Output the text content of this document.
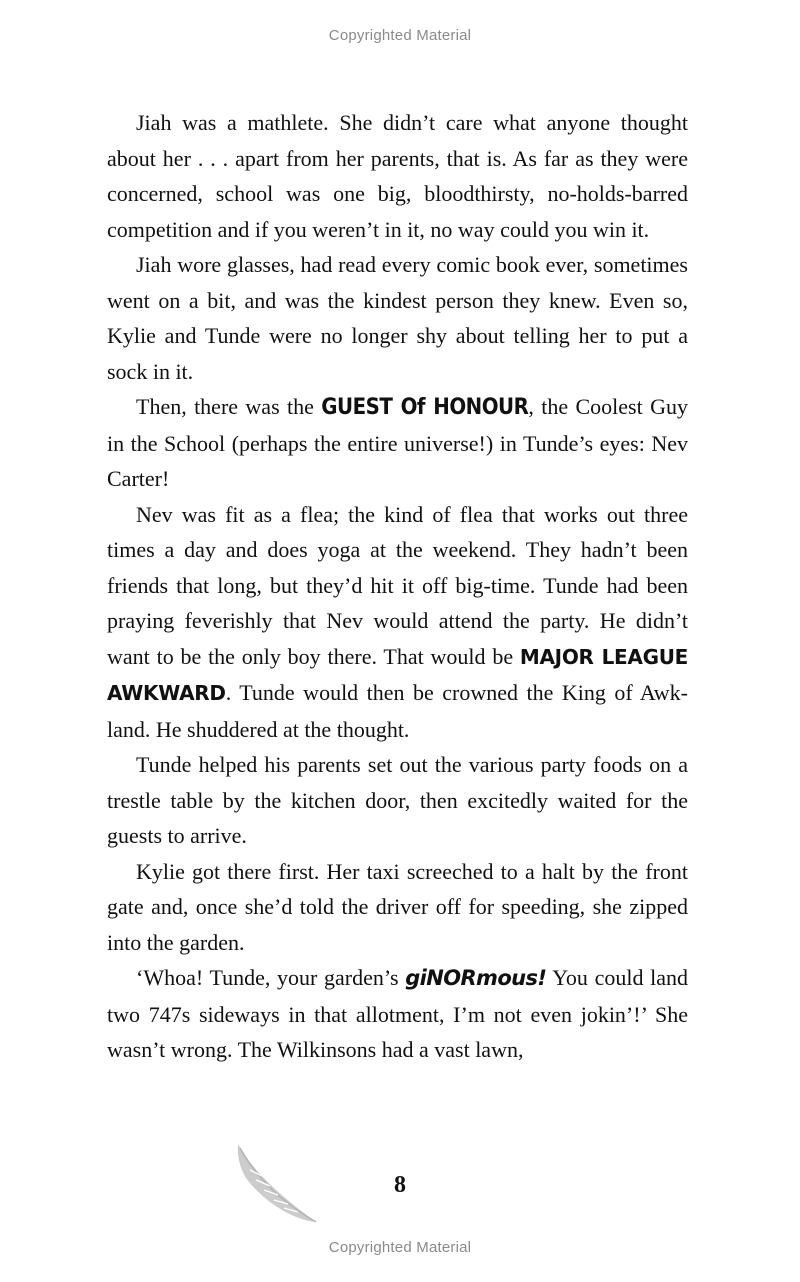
Copyrighted Material

Jiah was a mathlete. She didn’t care what anyone thought about her . . . apart from her parents, that is. As far as they were concerned, school was one big, bloodthirsty, no-holds-barred competition and if you weren’t in it, no way could you win it.

Jiah wore glasses, had read every comic book ever, sometimes went on a bit, and was the kindest person they knew. Even so, Kylie and Tunde were no longer shy about telling her to put a sock in it.

Then, there was the GUEST Of HONOUR, the Coolest Guy in the School (perhaps the entire universe!) in Tunde’s eyes: Nev Carter!

Nev was fit as a flea; the kind of flea that works out three times a day and does yoga at the weekend. They hadn’t been friends that long, but they’d hit it off big-time. Tunde had been praying feverishly that Nev would attend the party. He didn’t want to be the only boy there. That would be MAJOR LEAGUE AWKWARD. Tunde would then be crowned the King of Awk-land. He shuddered at the thought.

Tunde helped his parents set out the various party foods on a trestle table by the kitchen door, then excitedly waited for the guests to arrive.

Kylie got there first. Her taxi screeched to a halt by the front gate and, once she’d told the driver off for speeding, she zipped into the garden.

‘Whoa! Tunde, your garden’s giNORmous! You could land two 747s sideways in that allotment, I’m not even jokin’!’ She wasn’t wrong. The Wilkinsons had a vast lawn,

8
Copyrighted Material
